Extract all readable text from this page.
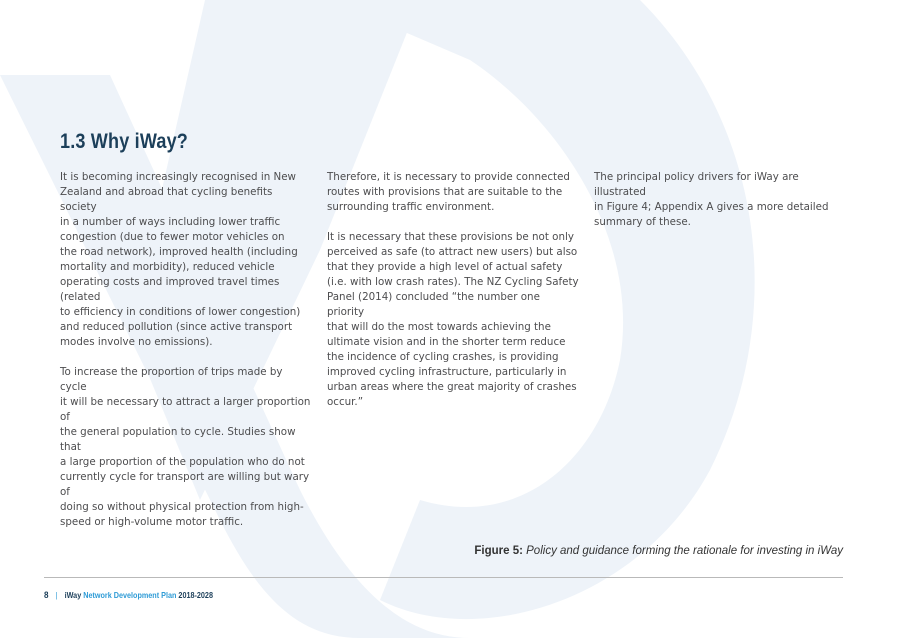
1.3 Why iWay?

It is becoming increasingly recognised in New
Zealand and abroad that cycling benefits society
in a number of ways including lower traffic
congestion (due to fewer motor vehicles on
the road network), improved health (including
mortality and morbidity), reduced vehicle
operating costs and improved travel times (related
to efficiency in conditions of lower congestion)
and reduced pollution (since active transport
modes involve no emissions).

To increase the proportion of trips made by cycle
it will be necessary to attract a larger proportion of
the general population to cycle. Studies show that
a large proportion of the population who do not
currently cycle for transport are willing but wary of
doing so without physical protection from high-
speed or high-volume motor traffic.

Therefore, it is necessary to provide connected
routes with provisions that are suitable to the
surrounding traffic environment.

It is necessary that these provisions be not only
perceived as safe (to attract new users) but also
that they provide a high level of actual safety
(i.e. with low crash rates). The NZ Cycling Safety
Panel (2014) concluded “the number one priority
that will do the most towards achieving the
ultimate vision and in the shorter term reduce
the incidence of cycling crashes, is providing
improved cycling infrastructure, particularly in
urban areas where the great majority of crashes
occur.”

The principal policy drivers for iWay are illustrated
in Figure 4; Appendix A gives a more detailed
summary of these.

Figure 5: Policy and guidance forming the rationale for investing in iWay
8 | iWay Network Development Plan 2018-2028
